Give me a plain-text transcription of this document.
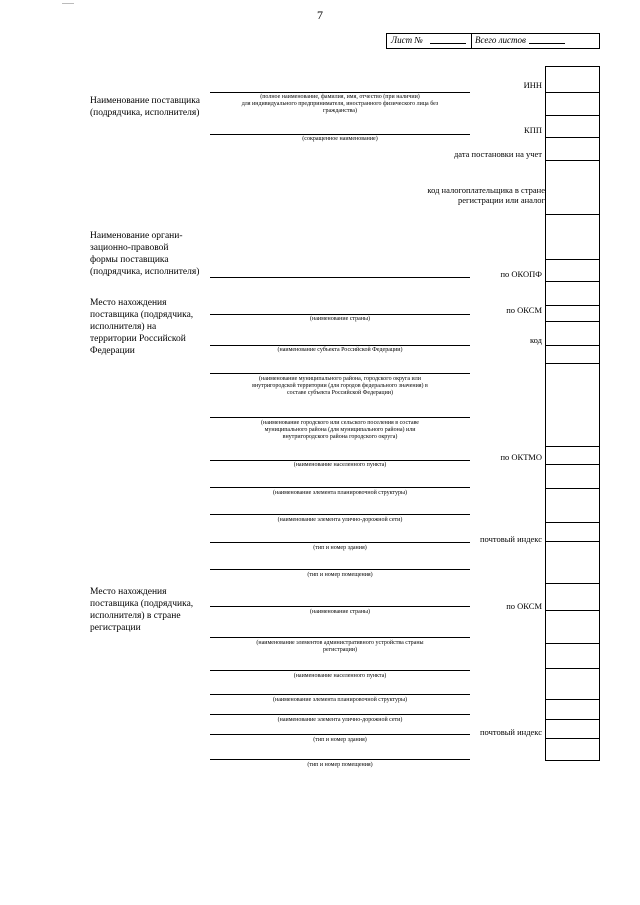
7
Лист №	Всего листов
Наименование поставщика
(подрядчика, исполнителя)
Наименование органи-
зационно-правовой
формы поставщика
(подрядчика, исполнителя)
Место нахождения
поставщика (подрядчика,
исполнителя) на
территории Российской
Федерации
Место нахождения
поставщика (подрядчика,
исполнителя) в стране
регистрации
(полное наименование, фамилия, имя, отчество (при наличии)
для индивидуального предпринимателя, иностранного физического лица без
гражданства)
(сокращенное наименование)
(наименование страны)
(наименование субъекта Российской Федерации)
(наименование муниципального района, городского округа или
внутригородской территории (для городов федерального значения) в
составе субъекта Российской Федерации)
(наименование городского или сельского поселения в составе
муниципального района (для муниципального района) или
внутригородского района городского округа)
(наименование населенного пункта)
(наименование элемента планировочной структуры)
(наименование элемента улично-дорожной сети)
(тип и номер здания)
(тип и номер помещения)
(наименование страны)
(наименование элементов административного устройства страны
регистрации)
(наименование населенного пункта)
(наименование элемента планировочной структуры)
(наименование элемента улично-дорожной сети)
(тип и номер здания)
(тип и номер помещения)
ИНН
КПП
дата постановки на учет
код налогоплательщика в стране
регистрации или аналог
по ОКОПФ
по ОКСМ
код
по ОКТМО
почтовый индекс
по ОКСМ
почтовый индекс
